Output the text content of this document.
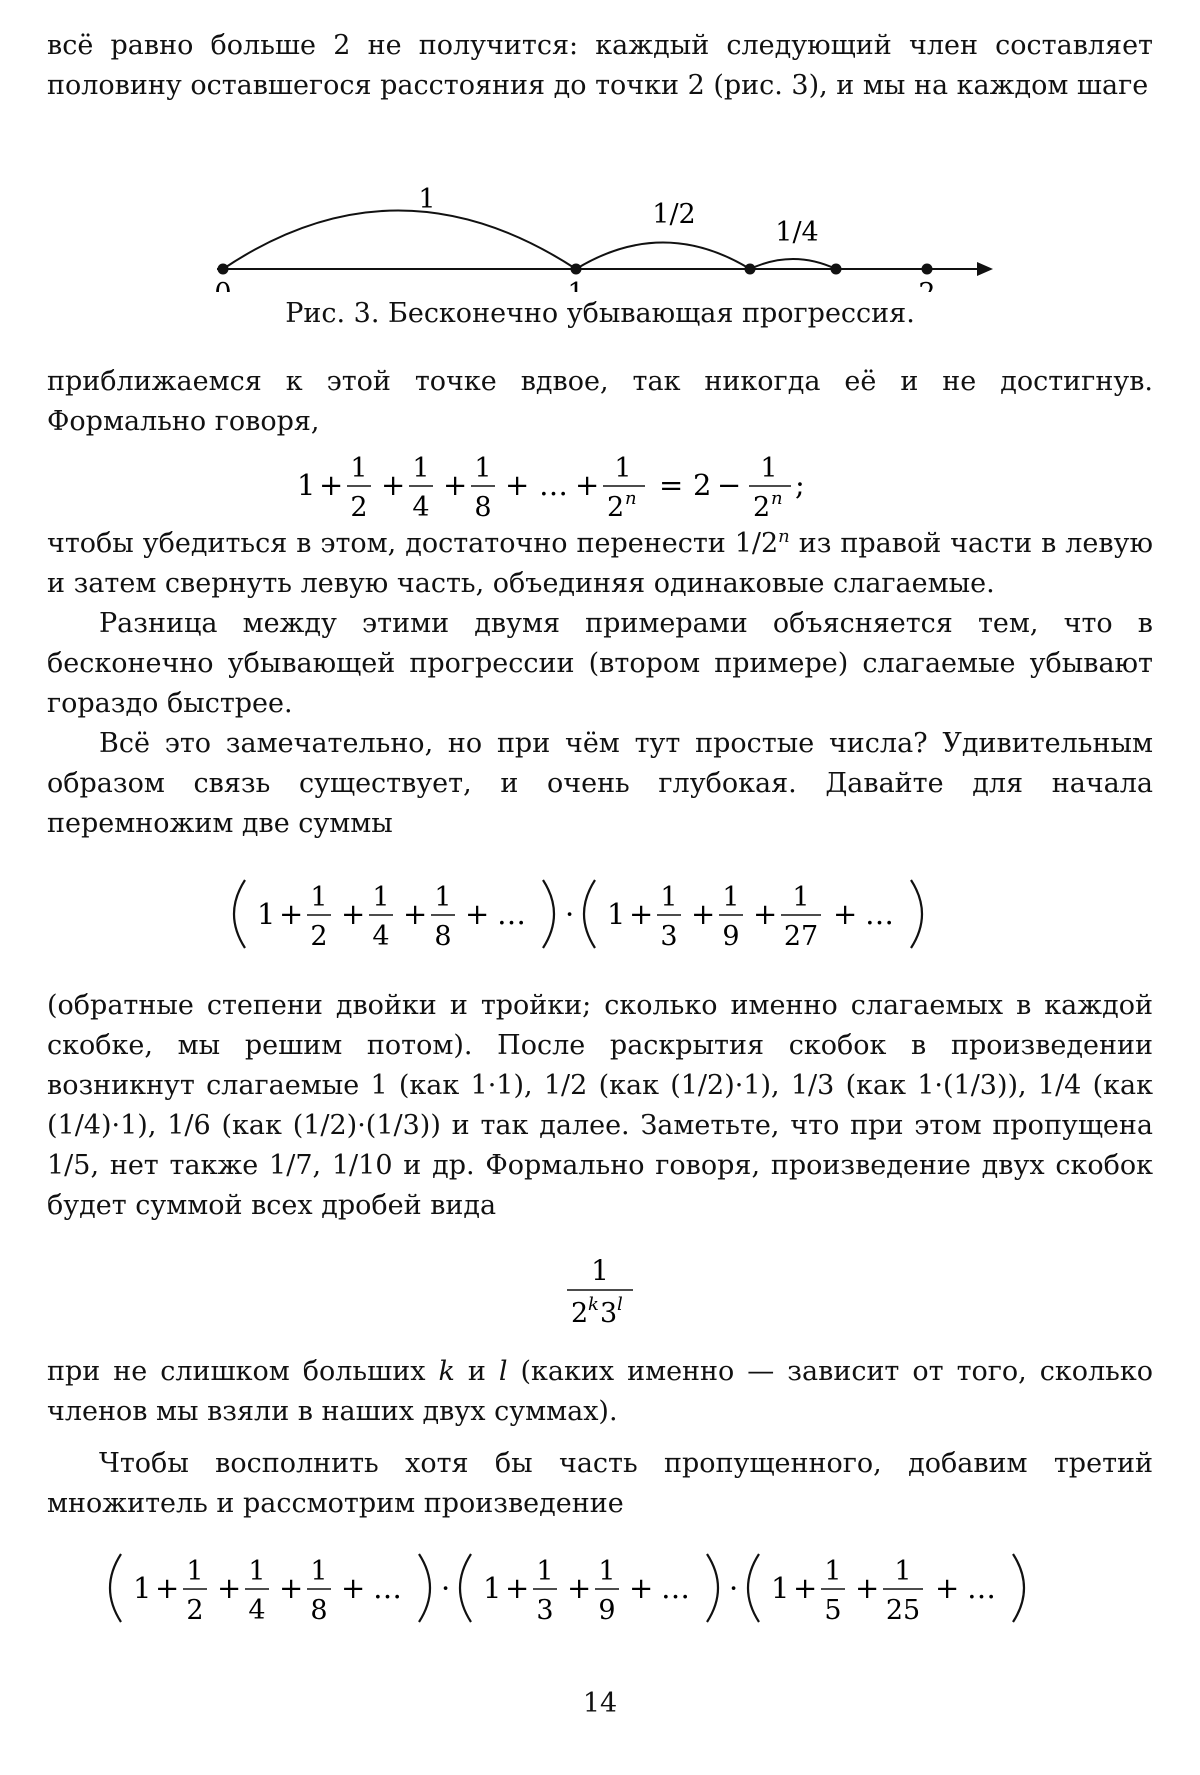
всё равно больше 2 не получится: каждый следующий член составляет половину оставшегося расстояния до точки 2 (рис. 3), и мы на каждом шаге

1	1/2
1/4
Рис. 3. Бесконечно убывающая прогрессия.

приближаемся к этой точке вдвое, так никогда её и не достигнув. Формально говоря,

1 + 1
2
+ 1
4
+ 1
8
+ … + 1
2 n = 2 − 1
2 n ;

чтобы убедиться в этом, достаточно перенести 1/2n из правой части в левую и затем свернуть левую часть, объединяя одинаковые слагаемые.

Разница между этими двумя примерами объясняется тем, что в бесконечно убывающей прогрессии (втором примере) слагаемые убывают гораздо быстрее.

Всё это замечательно, но при чём тут простые числа? Удивительным образом связь существует, и очень глубокая. Давайте для начала перемножим две суммы

1 + 1
2
+ 1
4
+ 1
8
+ … · 1 + 1
3
+ 1
9
+ 1
27
+ …

(обратные степени двойки и тройки; сколько именно слагаемых в каждой скобке, мы решим потом). После раскрытия скобок в произведении возникнут слагаемые 1 (как 1·1), 1/2 (как (1/2)·1), 1/3 (как 1·(1/3)), 1/4 (как (1/4)·1), 1/6 (как (1/2)·(1/3)) и так далее. Заметьте, что при этом пропущена 1/5, нет также 1/7, 1/10 и др. Формально говоря, произведение двух скобок будет суммой всех дробей вида

1
2 k 3 l

при не слишком больших k и l (каких именно — зависит от того, сколько членов мы взяли в наших двух суммах).

Чтобы восполнить хотя бы часть пропущенного, добавим третий множитель и рассмотрим произведение

1 + 1
2
+ 1
4
+ 1
8
+ … · 1 + 1
3
+ 1
9
+ … · 1 + 1
5
+ 1
25
+ …
14
